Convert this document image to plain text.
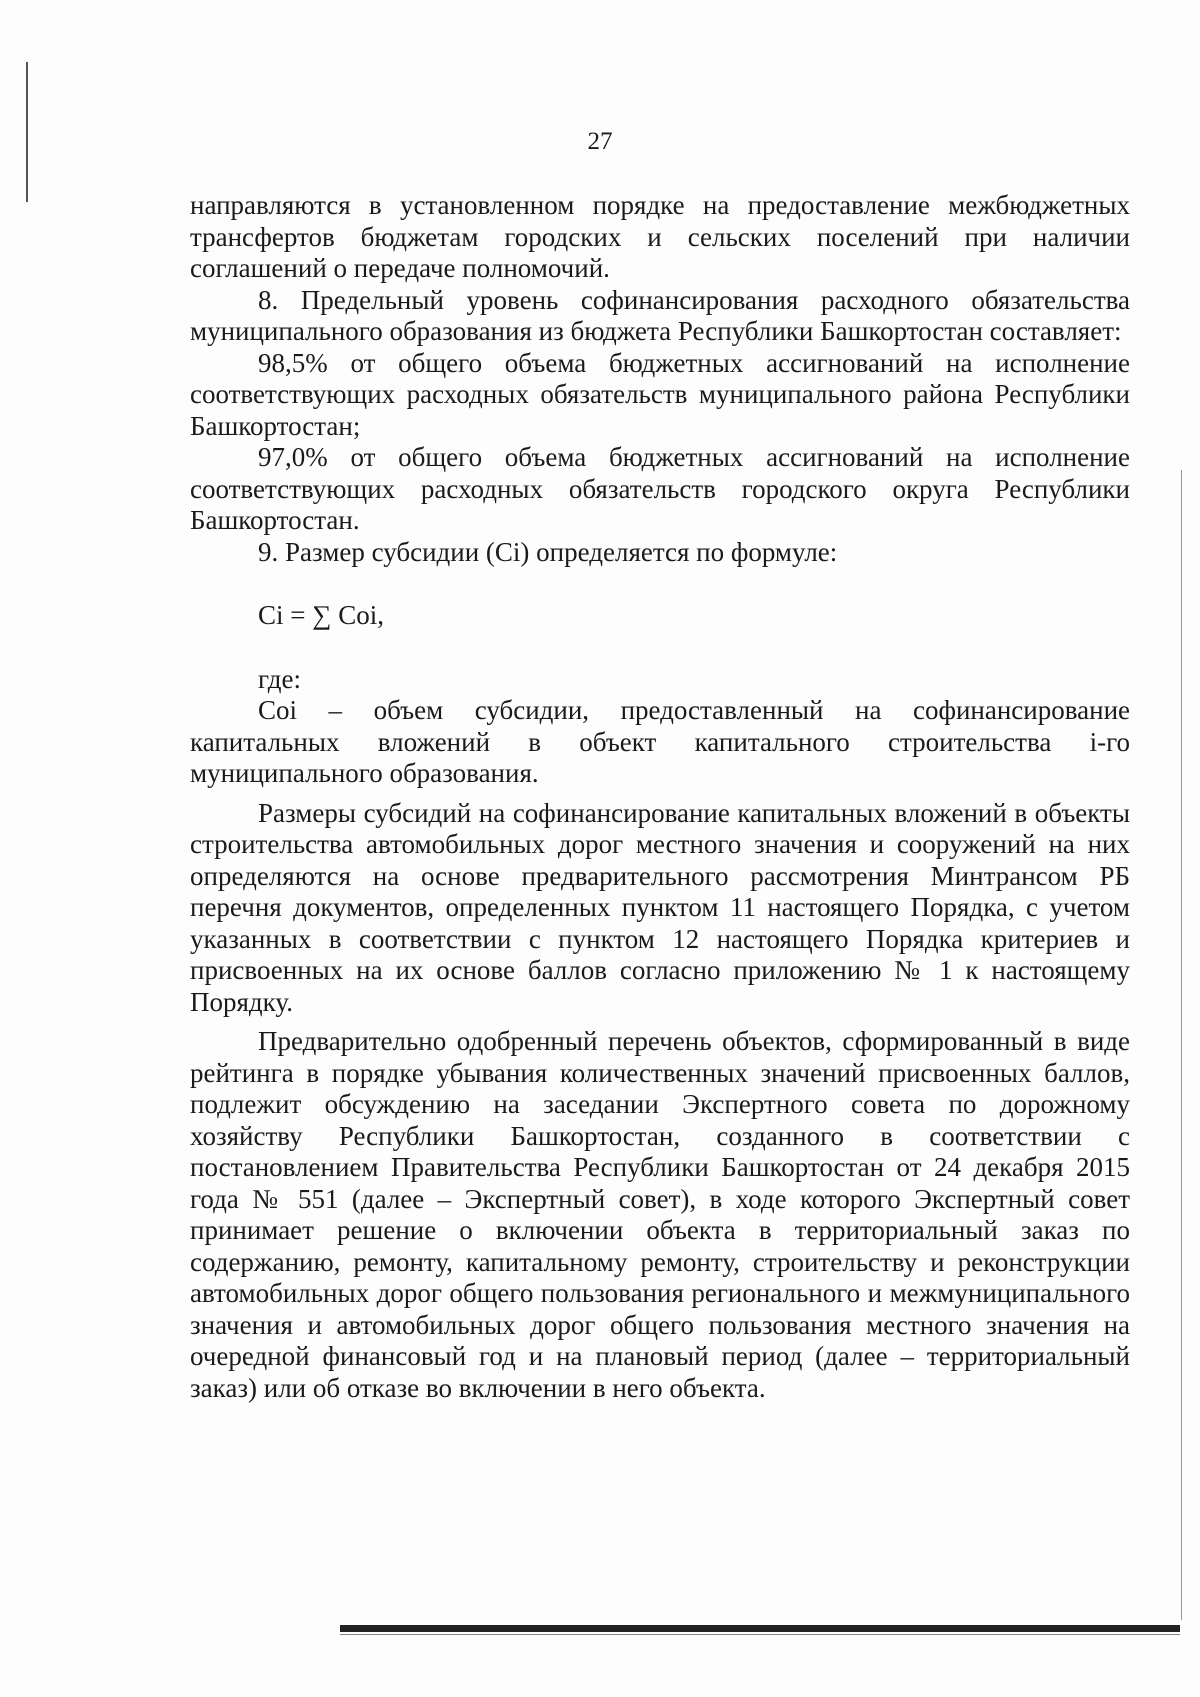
27

направляются в установленном порядке на предоставление межбюджетных трансфертов бюджетам городских и сельских поселений при наличии соглашений о передаче полномочий.

8. Предельный уровень софинансирования расходного обязательства муниципального образования из бюджета Республики Башкортостан составляет:

98,5% от общего объема бюджетных ассигнований на исполнение соответствующих расходных обязательств муниципального района Республики Башкортостан;

97,0% от общего объема бюджетных ассигнований на исполнение соответствующих расходных обязательств городского округа Республики Башкортостан.

9. Размер субсидии (Сi) определяется по формуле:

Сi = ∑ Соi,

где:

Соi – объем субсидии, предоставленный на софинансирование капитальных вложений в объект капитального строительства i-го муниципального образования.

Размеры субсидий на софинансирование капитальных вложений в объекты строительства автомобильных дорог местного значения и сооружений на них определяются на основе предварительного рассмотрения Минтрансом РБ перечня документов, определенных пунктом 11 настоящего Порядка, с учетом указанных в соответствии с пунктом 12 настоящего Порядка критериев и присвоенных на их основе баллов согласно приложению № 1 к настоящему Порядку.

Предварительно одобренный перечень объектов, сформированный в виде рейтинга в порядке убывания количественных значений присвоенных баллов, подлежит обсуждению на заседании Экспертного совета по дорожному хозяйству Республики Башкортостан, созданного в соответствии с постановлением Правительства Республики Башкортостан от 24 декабря 2015 года № 551 (далее – Экспертный совет), в ходе которого Экспертный совет принимает решение о включении объекта в территориальный заказ по содержанию, ремонту, капитальному ремонту, строительству и реконструкции автомобильных дорог общего пользования регионального и межмуниципального значения и автомобильных дорог общего пользования местного значения на очередной финансовый год и на плановый период (далее – территориальный заказ) или об отказе во включении в него объекта.
